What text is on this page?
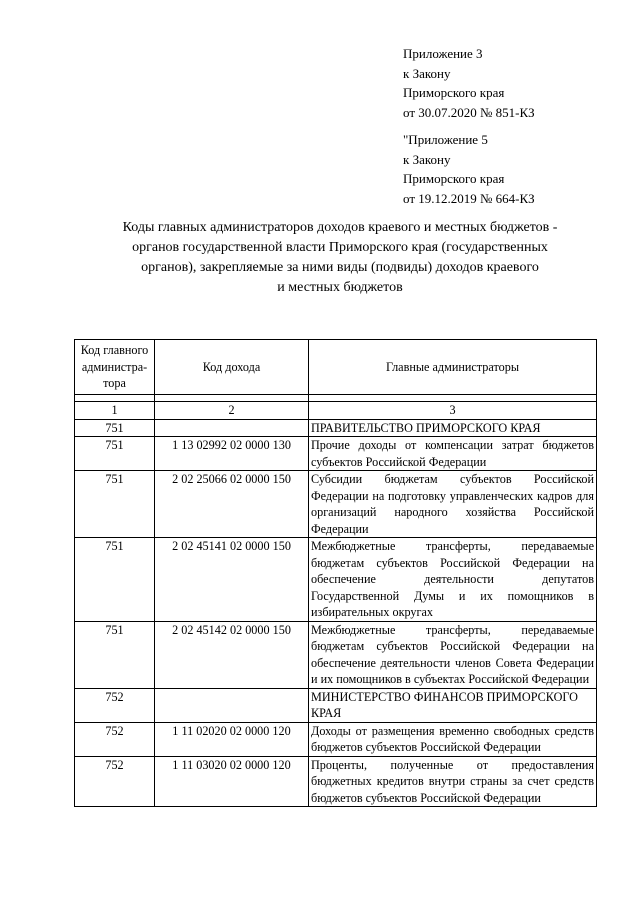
Приложение 3
к Закону
Приморского края
от 30.07.2020 № 851-КЗ
"Приложение 5
к Закону
Приморского края
от 19.12.2019 № 664-КЗ
Коды главных администраторов доходов краевого и местных бюджетов -
органов государственной власти Приморского края (государственных
органов), закрепляемые за ними виды (подвиды) доходов краевого
и местных бюджетов
Код главного администра-тора	Код дохода	Главные администраторы

1	2	3
751		ПРАВИТЕЛЬСТВО ПРИМОРСКОГО КРАЯ
751	1 13 02992 02 0000 130	Прочие доходы от компенсации затрат бюджетов субъектов Российской Федерации
751	2 02 25066 02 0000 150	Субсидии бюджетам субъектов Российской Федерации на подготовку управленческих кадров для организаций народного хозяйства Российской Федерации
751	2 02 45141 02 0000 150	Межбюджетные трансферты, передаваемые бюджетам субъектов Российской Федерации на обеспечение деятельности депутатов Государственной Думы и их помощников в избирательных округах
751	2 02 45142 02 0000 150	Межбюджетные трансферты, передаваемые бюджетам субъектов Российской Федерации на обеспечение деятельности членов Совета Федерации и их помощников в субъектах Российской Федерации
752		МИНИСТЕРСТВО ФИНАНСОВ ПРИМОРСКОГО КРАЯ
752	1 11 02020 02 0000 120	Доходы от размещения временно свободных средств бюджетов субъектов Российской Федерации
752	1 11 03020 02 0000 120	Проценты, полученные от предоставления бюджетных кредитов внутри страны за счет средств бюджетов субъектов Российской Федерации
